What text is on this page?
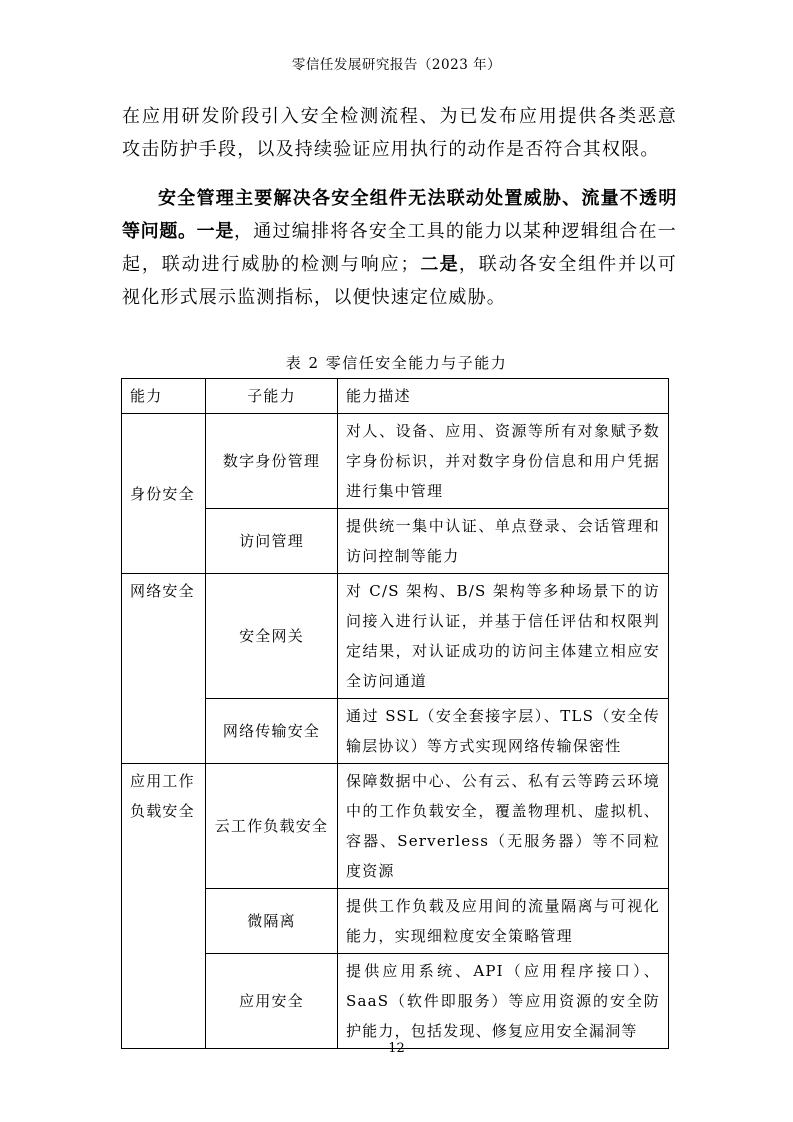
零信任发展研究报告（2023 年）

在应用研发阶段引入安全检测流程、为已发布应用提供各类恶意攻击防护手段，以及持续验证应用执行的动作是否符合其权限。

安全管理主要解决各安全组件无法联动处置威胁、流量不透明等问题。一是，通过编排将各安全工具的能力以某种逻辑组合在一起，联动进行威胁的检测与响应；二是，联动各安全组件并以可视化形式展示监测指标，以便快速定位威胁。

表 2 零信任安全能力与子能力
能力	子能力	能力描述
身份安全	数字身份管理	对人、设备、应用、资源等所有对象赋予数字身份标识，并对数字身份信息和用户凭据进行集中管理
	访问管理	提供统一集中认证、单点登录、会话管理和访问控制等能力
网络安全	安全网关	对 C/S 架构、B/S 架构等多种场景下的访问接入进行认证，并基于信任评估和权限判定结果，对认证成功的访问主体建立相应安全访问通道
	网络传输安全	通过 SSL（安全套接字层）、TLS（安全传输层协议）等方式实现网络传输保密性
应用工作负载安全	云工作负载安全	保障数据中心、公有云、私有云等跨云环境中的工作负载安全，覆盖物理机、虚拟机、容器、Serverless（无服务器）等不同粒度资源
	微隔离	提供工作负载及应用间的流量隔离与可视化能力，实现细粒度安全策略管理
	应用安全	提供应用系统、API（应用程序接口）、SaaS（软件即服务）等应用资源的安全防护能力，包括发现、修复应用安全漏洞等
12
